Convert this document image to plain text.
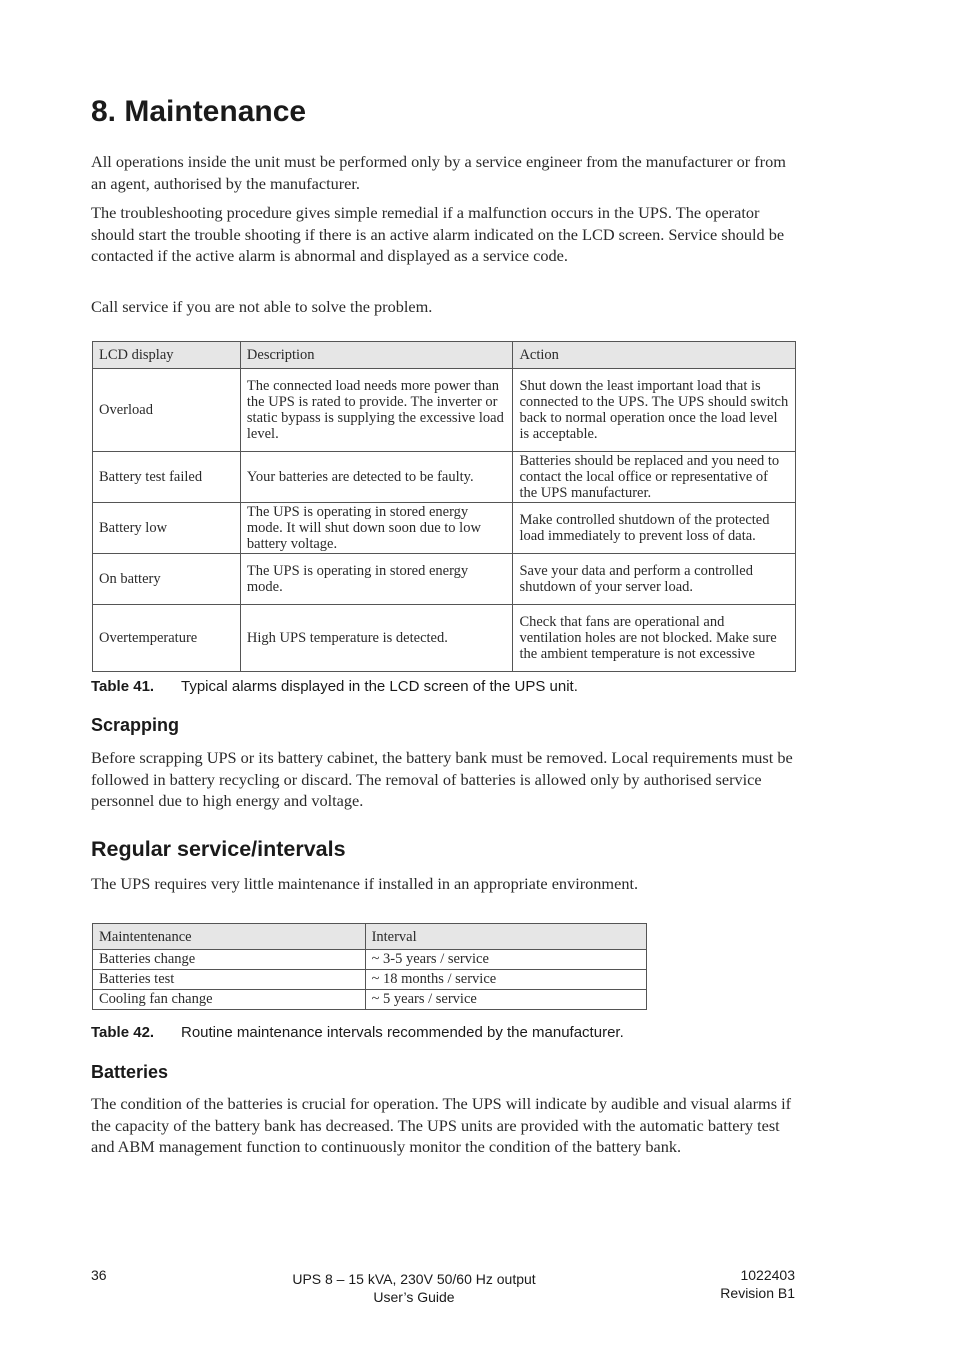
8. Maintenance

All operations inside the unit must be performed only by a service engineer from the manufacturer or from an agent, authorised by the manufacturer.

The troubleshooting procedure gives simple remedial if a malfunction occurs in the UPS. The operator should start the trouble shooting if there is an active alarm indicated on the LCD screen. Service should be contacted if the active alarm is abnormal and displayed as a service code.

Call service if you are not able to solve the problem.

LCD display	Description	Action
Overload	The connected load needs more power than the UPS is rated to provide. The inverter or static bypass is supplying the excessive load level.	Shut down the least important load that is connected to the UPS. The UPS should switch back to normal operation once the load level is acceptable.
Battery test failed	Your batteries are detected to be faulty.	Batteries should be replaced and you need to contact the local office or representative of the UPS manufacturer.
Battery low	The UPS is operating in stored energy mode. It will shut down soon due to low battery voltage.	Make controlled shutdown of the protected load immediately to prevent loss of data.
On battery	The UPS is operating in stored energy mode.	Save your data and perform a controlled shutdown of your server load.
Overtemperature	High UPS temperature is detected.	Check that fans are operational and ventilation holes are not blocked. Make sure the ambient temperature is not excessive

Table 41. Typical alarms displayed in the LCD screen of the UPS unit.

Scrapping

Before scrapping UPS or its battery cabinet, the battery bank must be removed. Local requirements must be followed in battery recycling or discard. The removal of batteries is allowed only by authorised service personnel due to high energy and voltage.

Regular service/intervals

The UPS requires very little maintenance if installed in an appropriate environment.

Maintentenance	Interval
Batteries change	~ 3-5 years / service
Batteries test	~ 18 months / service
Cooling fan change	~ 5 years / service

Table 42. Routine maintenance intervals recommended by the manufacturer.

Batteries

The condition of the batteries is crucial for operation. The UPS will indicate by audible and visual alarms if the capacity of the battery bank has decreased. The UPS units are provided with the automatic battery test and ABM management function to continuously monitor the condition of the battery bank.

36	UPS 8 – 15 kVA, 230V 50/60 Hz output
User’s Guide
1022403
Revision B1
